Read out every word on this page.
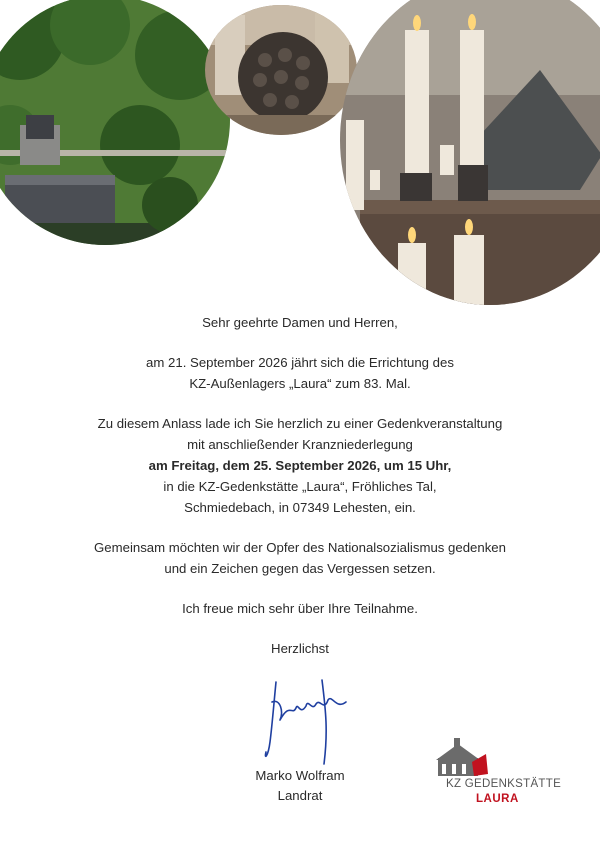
Sehr geehrte Damen und Herren,

am 21. September 2026 jährt sich die Errichtung des

KZ-Außenlagers „Laura“ zum 83. Mal.

Zu diesem Anlass lade ich Sie herzlich zu einer Gedenkveranstaltung

mit anschließender Kranzniederlegung

am Freitag, dem 25. September 2026, um 15 Uhr,

in die KZ-Gedenkstätte „Laura“, Fröhliches Tal,

Schmiedebach, in 07349 Lehesten, ein.

Gemeinsam möchten wir der Opfer des Nationalsozialismus gedenken

und ein Zeichen gegen das Vergessen setzen.

Ich freue mich sehr über Ihre Teilnahme.

Herzlichst

Marko Wolfram

Landrat

KZ GEDENKSTÄTTE
LAURA
